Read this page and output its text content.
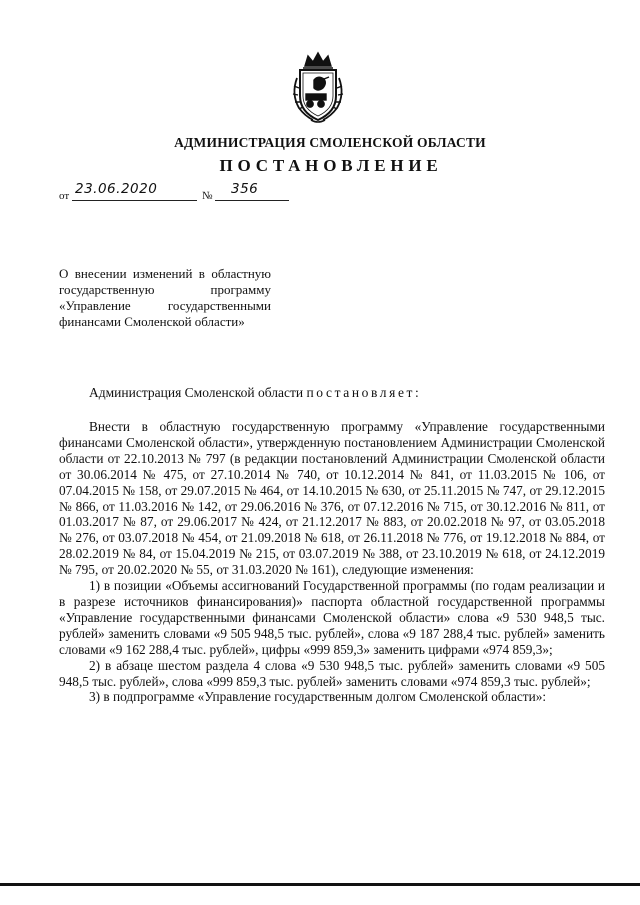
АДМИНИСТРАЦИЯ СМОЛЕНСКОЙ ОБЛАСТИ
ПОСТАНОВЛЕНИЕ
от 23.06.2020	№ 356
О внесении изменений в областную государственную программу «Управление государственными финансами Смоленской области»
Администрация Смоленской области постановляет:

Внести в областную государственную программу «Управление государственными финансами Смоленской области», утвержденную постановлением Администрации Смоленской области от 22.10.2013 № 797 (в редакции постановлений Администрации Смоленской области от 30.06.2014 № 475, от 27.10.2014 № 740, от 10.12.2014 № 841, от 11.03.2015 № 106, от 07.04.2015 № 158, от 29.07.2015 № 464, от 14.10.2015 № 630, от 25.11.2015 № 747, от 29.12.2015 № 866, от 11.03.2016 № 142, от 29.06.2016 № 376, от 07.12.2016 № 715, от 30.12.2016 № 811, от 01.03.2017 № 87, от 29.06.2017 № 424, от 21.12.2017 № 883, от 20.02.2018 № 97, от 03.05.2018 № 276, от 03.07.2018 № 454, от 21.09.2018 № 618, от 26.11.2018 № 776, от 19.12.2018 № 884, от 28.02.2019 № 84, от 15.04.2019 № 215, от 03.07.2019 № 388, от 23.10.2019 № 618, от 24.12.2019 № 795, от 20.02.2020 № 55, от 31.03.2020 № 161), следующие изменения:

1) в позиции «Объемы ассигнований Государственной программы (по годам реализации и в разрезе источников финансирования)» паспорта областной государственной программы «Управление государственными финансами Смоленской области» слова «9 530 948,5 тыс. рублей» заменить словами «9 505 948,5 тыс. рублей», слова «9 187 288,4 тыс. рублей» заменить словами «9 162 288,4 тыс. рублей», цифры «999 859,3» заменить цифрами «974 859,3»;

2) в абзаце шестом раздела 4 слова «9 530 948,5 тыс. рублей» заменить словами «9 505 948,5 тыс. рублей», слова «999 859,3 тыс. рублей» заменить словами «974 859,3 тыс. рублей»;

3) в подпрограмме «Управление государственным долгом Смоленской области»:
